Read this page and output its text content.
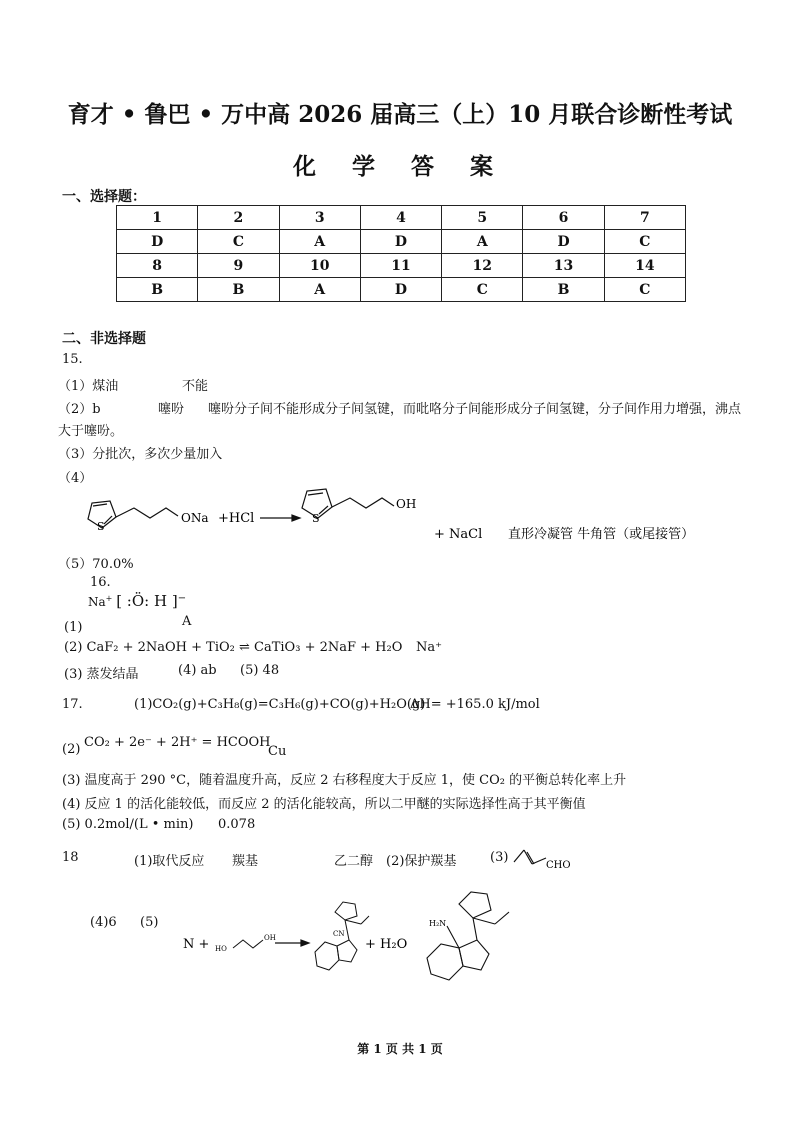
育才 • 鲁巴 • 万中高 2026 届高三（上）10 月联合诊断性考试
化 学 答 案
一、选择题：
1	2	3	4	5	6	7
D	C	A	D	A	D	C
8	9	10	11	12	13	14
B	B	A	D	C	B	C
二、非选择题
15.
（1）煤油	不能
（2）b	噻吩 噻吩分子间不能形成分子间氢键，而吡咯分子间能形成分子间氢键，分子间作用力增强，沸点
大于噻吩。
（3）分批次，多次少量加入
（4）
S
ONa +HCl	S
OH
+ NaCl 直形冷凝管 牛角管（或尾接管）
（5）70.0%
16.
Na+ [ :Ö: H ]−
(1)	A
(2) CaF₂ + 2NaOH + TiO₂ ⇌ CaTiO₃ + 2NaF + H₂O Na⁺
(3) 蒸发结晶	(4) ab (5) 48
17.	(1)CO₂(g)+C₃H₈(g)=C₃H₆(g)+CO(g)+H₂O(g)
ΔH= +165.0 kJ/mol
(2) CO₂ + 2e⁻ + 2H⁺ = HCOOH
Cu
(3) 温度高于 290 °C，随着温度升高，反应 2 右移程度大于反应 1，使 CO₂ 的平衡总转化率上升
(4) 反应 1 的活化能较低，而反应 2 的活化能较高，所以二甲醚的实际选择性高于其平衡值
(5) 0.2mol/(L • min) 0.078
18	(1)取代反应 羰基	乙二醇 (2)保护羰基	(3)
CHO
(4)6 (5)
N + HO
OH	CN
+ H₂O
H₂N
第 1 页 共 1 页
